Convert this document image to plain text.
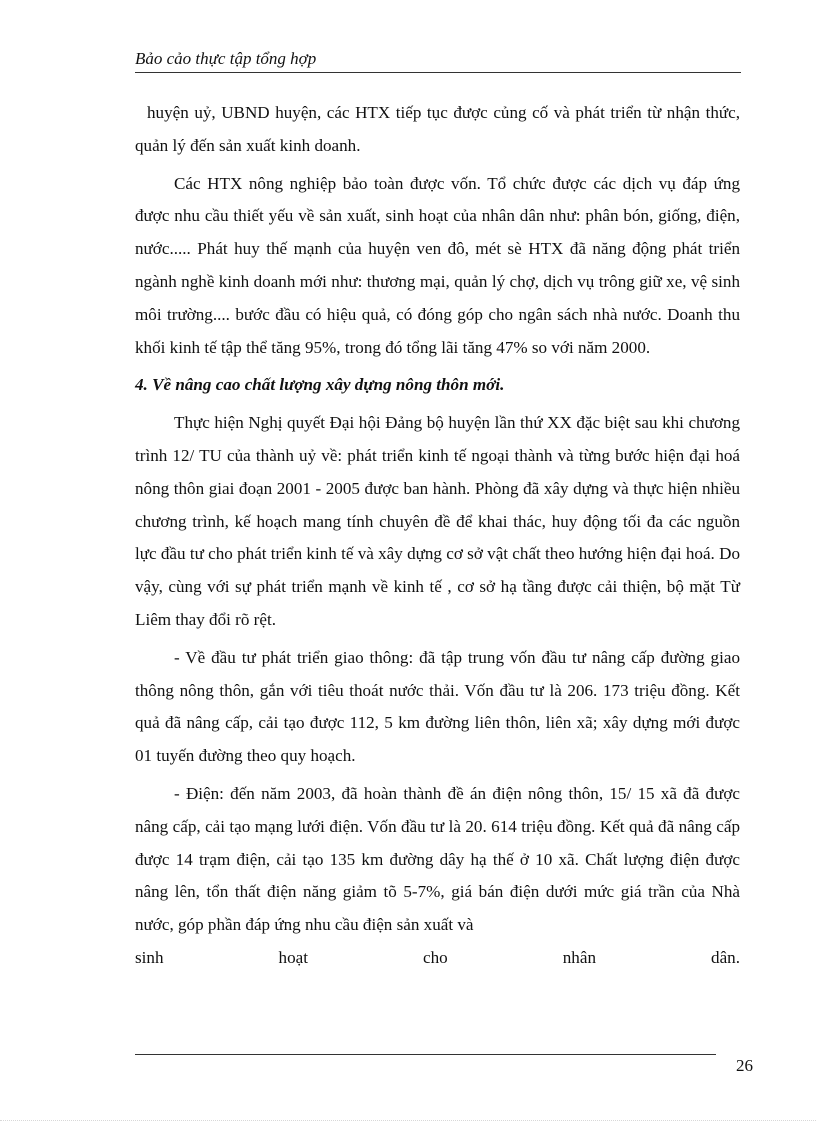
Bảo cảo thực tập tổng hợp

huyện uỷ, UBND huyện, các HTX tiếp tục được củng cố và phát triển từ nhận thức, quản lý đến sản xuất kinh doanh.

Các HTX nông nghiệp bảo toàn được vốn. Tổ chức được các dịch vụ đáp ứng được nhu cầu thiết yếu về sản xuất, sinh hoạt của nhân dân như: phân bón, giống, điện, nước..... Phát huy thế mạnh của huyện ven đô, mét sè HTX đã năng động phát triển ngành nghề kinh doanh mới như: thương mại, quản lý chợ, dịch vụ trông giữ xe, vệ sinh môi trường.... bước đầu có hiệu quả, có đóng góp cho ngân sách nhà nước. Doanh thu khối kinh tế tập thể tăng 95%, trong đó tổng lãi tăng 47% so với năm 2000.

4. Về nâng cao chất lượng xây dựng nông thôn mới.

Thực hiện Nghị quyết Đại hội Đảng bộ huyện lần thứ XX đặc biệt sau khi chương trình 12/ TU của thành uỷ về: phát triển kinh tế ngoại thành và từng bước hiện đại hoá nông thôn giai đoạn 2001 - 2005 được ban hành. Phòng đã xây dựng và thực hiện nhiều chương trình, kế hoạch mang tính chuyên đề để khai thác, huy động tối đa các nguồn lực đầu tư cho phát triển kinh tế và xây dựng cơ sở vật chất theo hướng hiện đại hoá. Do vậy, cùng với sự phát triển mạnh về kinh tế , cơ sở hạ tầng được cải thiện, bộ mặt Từ Liêm thay đổi rõ rệt.

- Về đầu tư phát triển giao thông: đã tập trung vốn đầu tư nâng cấp đường giao thông nông thôn, gắn với tiêu thoát nước thải. Vốn đầu tư là 206. 173 triệu đồng. Kết quả đã nâng cấp, cải tạo được 112, 5 km đường liên thôn, liên xã; xây dựng mới được 01 tuyến đường theo quy hoạch.

- Điện: đến năm 2003, đã hoàn thành đề án điện nông thôn, 15/ 15 xã đã được nâng cấp, cải tạo mạng lưới điện. Vốn đầu tư là 20. 614 triệu đồng. Kết quả đã nâng cấp được 14 trạm điện, cải tạo 135 km đường dây hạ thế ở 10 xã. Chất lượng điện được nâng lên, tổn thất điện năng giảm tõ 5-7%, giá bán điện dưới mức giá trần của Nhà nước, góp phần đáp ứng nhu cầu điện sản xuất và

sinh hoạt cho nhân dân.

26
